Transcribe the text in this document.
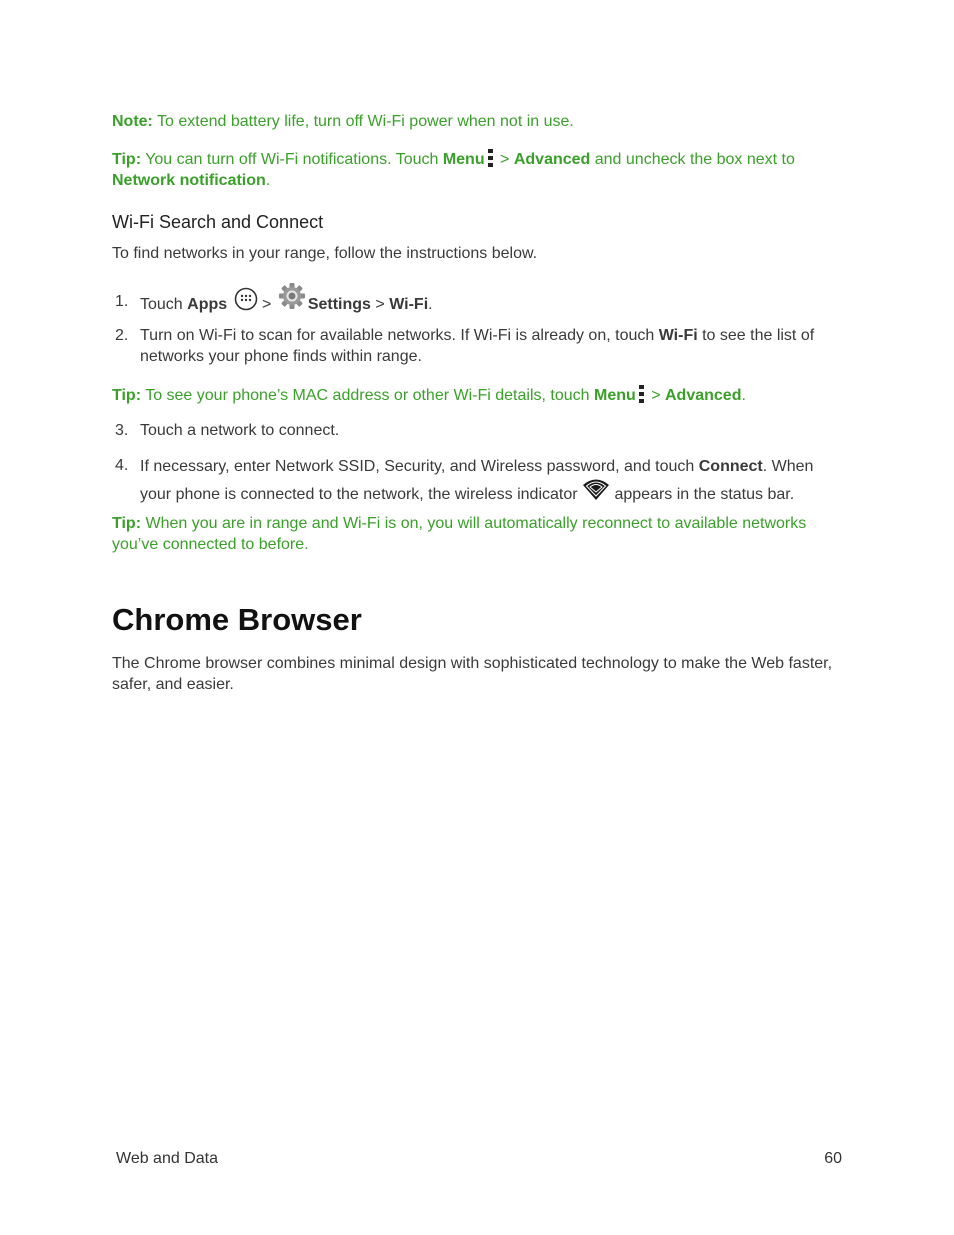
Note: To extend battery life, turn off Wi-Fi power when not in use.

Tip: You can turn off Wi-Fi notifications. Touch Menu
> Advanced and uncheck the box next to Network notification.

Wi-Fi Search and Connect

To find networks in your range, follow the instructions below.

1. Touch Apps  > Settings > Wi-Fi.

2. Turn on Wi-Fi to scan for available networks. If Wi-Fi is already on, touch Wi-Fi to see the list of networks your phone finds within range.

Tip: To see your phone’s MAC address or other Wi-Fi details, touch Menu
> Advanced.

3. Touch a network to connect.

4. If necessary, enter Network SSID, Security, and Wireless password, and touch Connect. When your phone is connected to the network, the wireless indicator  appears in the status bar.

Tip: When you are in range and Wi-Fi is on, you will automatically reconnect to available networks you’ve connected to before.

Chrome Browser

The Chrome browser combines minimal design with sophisticated technology to make the Web faster, safer, and easier.

Web and Data	60
